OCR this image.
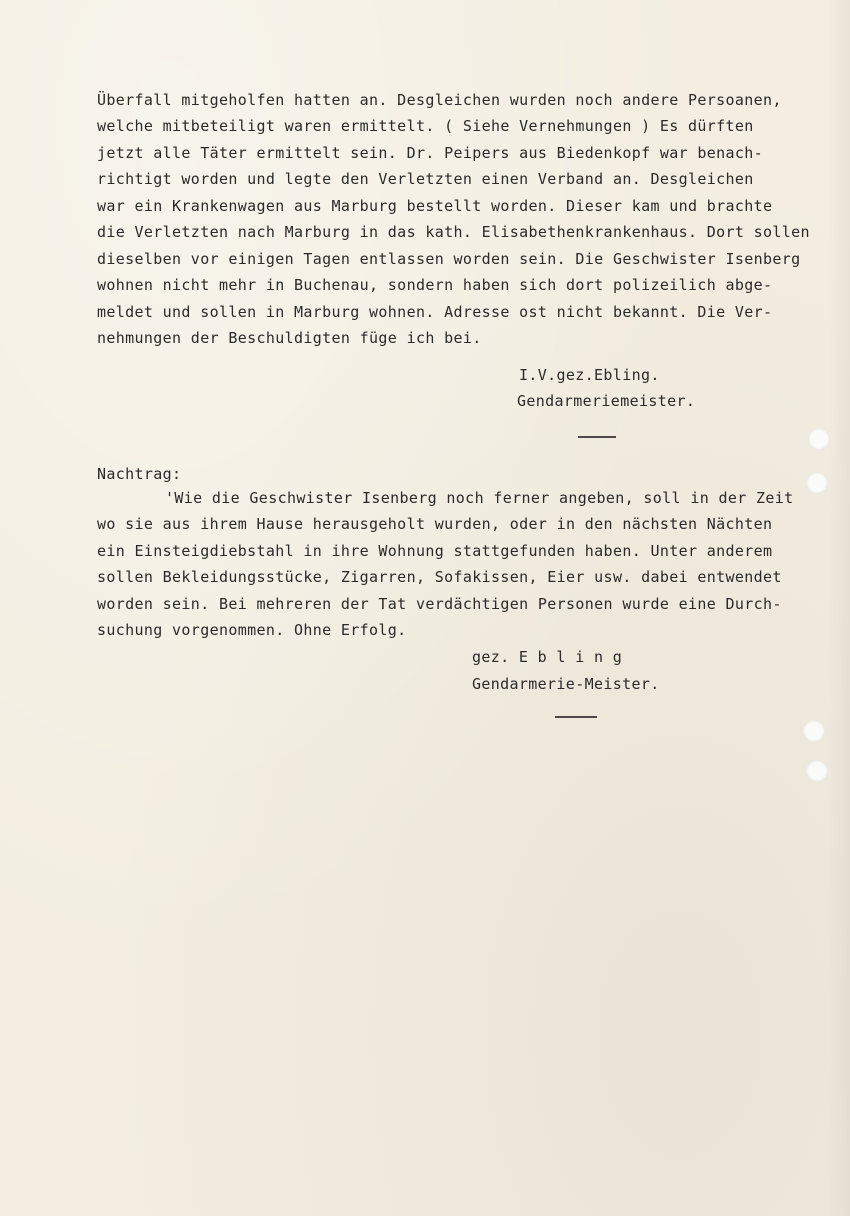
Überfall mitgeholfen hatten an. Desgleichen wurden noch andere Persoanen,
welche mitbeteiligt waren ermittelt. ( Siehe Vernehmungen ) Es dürften
jetzt alle Täter ermittelt sein. Dr. Peipers aus Biedenkopf war benach-
richtigt worden und legte den Verletzten einen Verband an. Desgleichen
war ein Krankenwagen aus Marburg bestellt worden. Dieser kam und brachte
die Verletzten nach Marburg in das kath. Elisabethenkrankenhaus. Dort sollen
dieselben vor einigen Tagen entlassen worden sein. Die Geschwister Isenberg
wohnen nicht mehr in Buchenau, sondern haben sich dort polizeilich abge-
meldet und sollen in Marburg wohnen. Adresse ost nicht bekannt. Die Ver-
nehmungen der Beschuldigten füge ich bei.
I.V.gez.Ebling.
Gendarmeriemeister.
Nachtrag:
'Wie die Geschwister Isenberg noch ferner angeben, soll in der Zeit
wo sie aus ihrem Hause herausgeholt wurden, oder in den nächsten Nächten
ein Einsteigdiebstahl in ihre Wohnung stattgefunden haben. Unter anderem
sollen Bekleidungsstücke, Zigarren, Sofakissen, Eier usw. dabei entwendet
worden sein. Bei mehreren der Tat verdächtigen Personen wurde eine Durch-
suchung vorgenommen. Ohne Erfolg.
gez. E b l i n g
Gendarmerie-Meister.
